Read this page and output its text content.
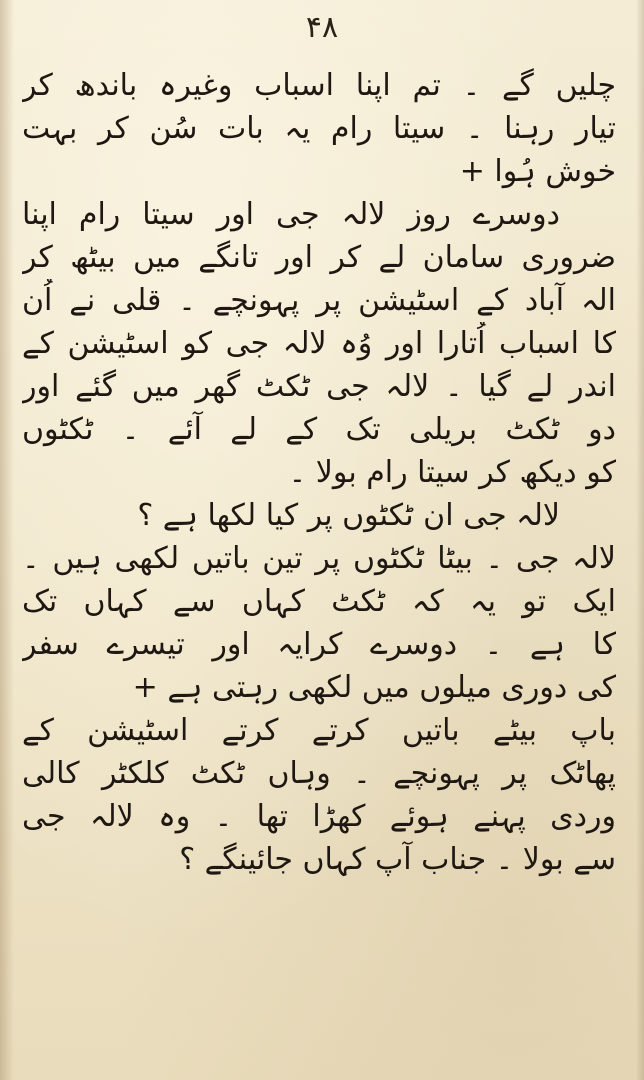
۴۸
چلیں گے ۔ تم اپنا اسباب وغیرہ باندھ کر
تیار رہنا ۔ سیتا رام یہ بات سُن کر بہت
خوش ہُوا +
دوسرے روز لالہ جی اور سیتا رام اپنا
ضروری سامان لے کر اور تانگے میں بیٹھ کر
الہ آباد کے اسٹیشن پر پہونچے ۔ قلی نے اُن
کا اسباب اُتارا اور وُہ لالہ جی کو اسٹیشن کے
اندر لے گیا ۔ لالہ جی ٹکٹ گھر میں گئے اور
دو ٹکٹ بریلی تک کے لے آئے ۔ ٹکٹوں
کو دیکھ کر سیتا رام بولا ۔
لالہ جی ان ٹکٹوں پر کیا لکھا ہے ؟
لالہ جی ۔ بیٹا ٹکٹوں پر تین باتیں لکھی ہیں ۔
ایک تو یہ کہ ٹکٹ کہاں سے کہاں تک
کا ہے ۔ دوسرے کرایہ اور تیسرے سفر
کی دوری میلوں میں لکھی رہتی ہے +
باپ بیٹے باتیں کرتے کرتے اسٹیشن کے
پھاٹک پر پہونچے ۔ وہاں ٹکٹ کلکٹر کالی
وردی پہنے ہوئے کھڑا تھا ۔ وہ لالہ جی
سے بولا ۔ جناب آپ کہاں جائینگے ؟
